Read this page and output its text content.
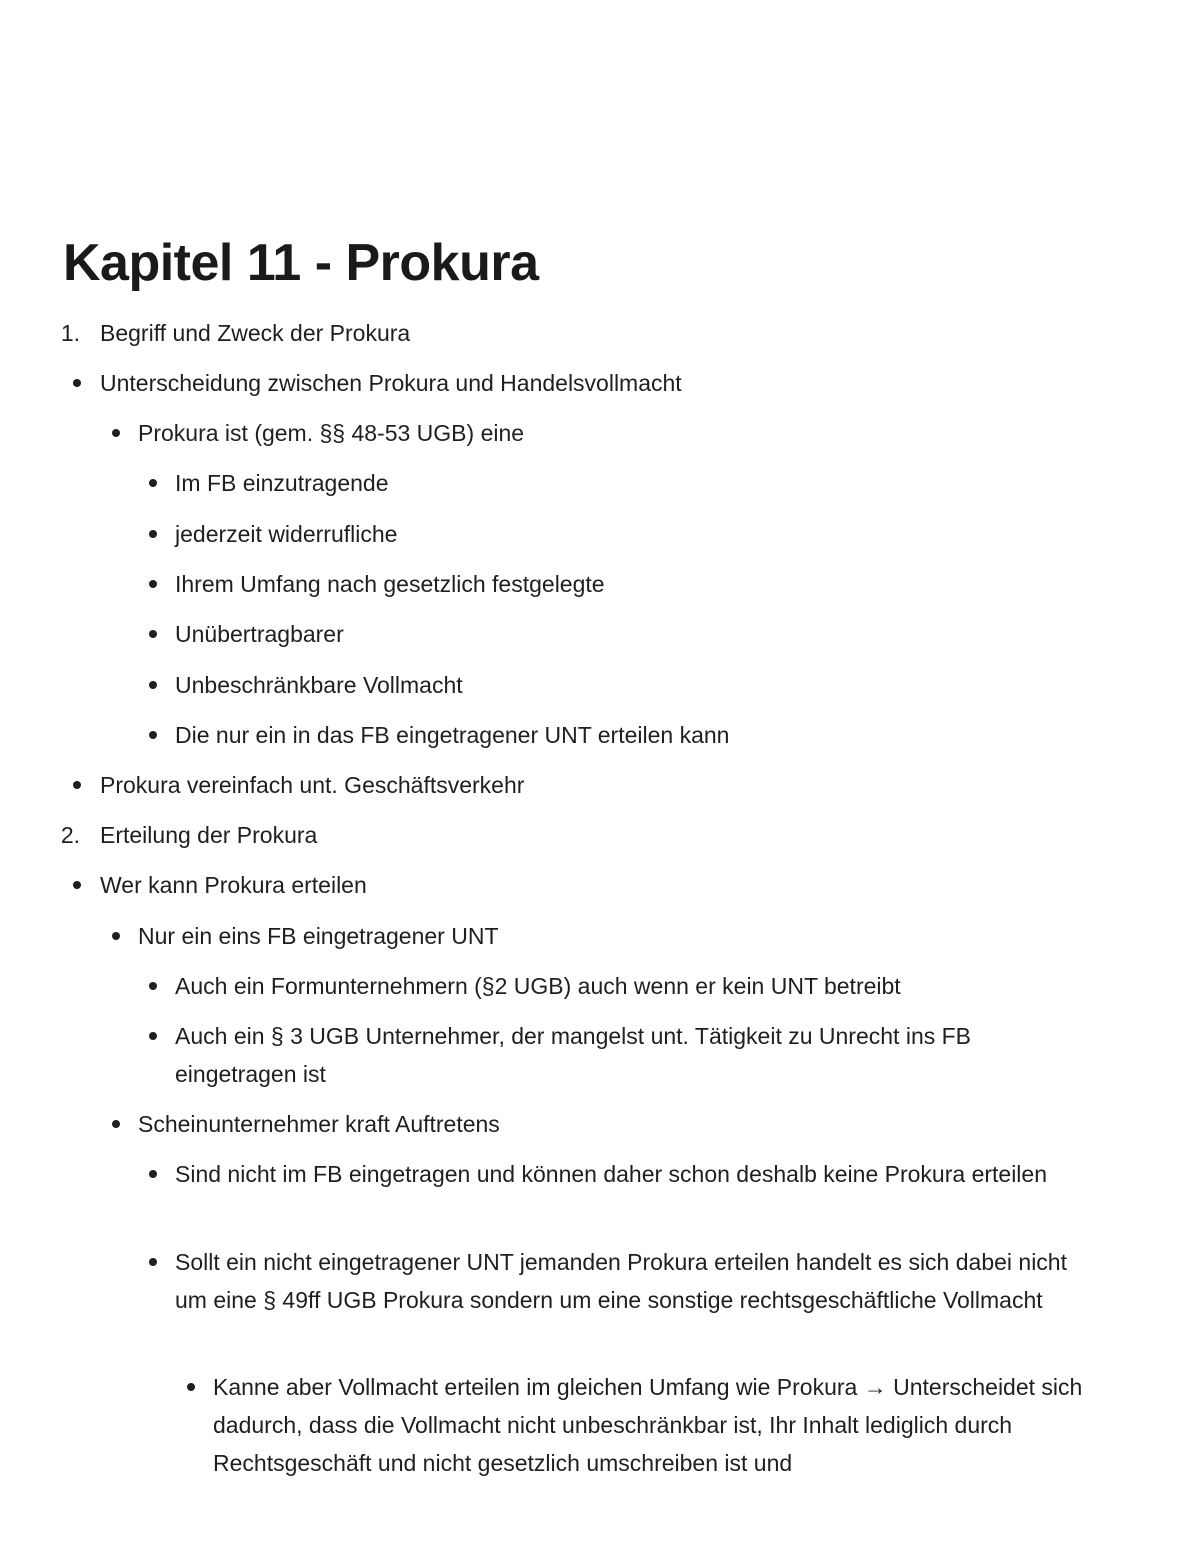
Kapitel 11 - Prokura
1. Begriff und Zweck der Prokura
Unterscheidung zwischen Prokura und Handelsvollmacht
Prokura ist (gem. §§ 48-53 UGB) eine
Im FB einzutragende
jederzeit widerrufliche
Ihrem Umfang nach gesetzlich festgelegte
Unübertragbarer
Unbeschränkbare Vollmacht
Die nur ein in das FB eingetragener UNT erteilen kann
Prokura vereinfach unt. Geschäftsverkehr
2. Erteilung der Prokura
Wer kann Prokura erteilen
Nur ein eins FB eingetragener UNT
Auch ein Formunternehmern (§2 UGB) auch wenn er kein UNT betreibt
Auch ein § 3 UGB Unternehmer, der mangelst unt. Tätigkeit zu Unrecht ins FB eingetragen ist
Scheinunternehmer kraft Auftretens
Sind nicht im FB eingetragen und können daher schon deshalb keine Prokura erteilen
Sollt ein nicht eingetragener UNT jemanden Prokura erteilen handelt es sich dabei nicht um eine § 49ff UGB Prokura sondern um eine sonstige rechtsgeschäftliche Vollmacht
Kanne aber Vollmacht erteilen im gleichen Umfang wie Prokura → Unterscheidet sich dadurch, dass die Vollmacht nicht unbeschränkbar ist, Ihr Inhalt lediglich durch Rechtsgeschäft und nicht gesetzlich umschreiben ist und
